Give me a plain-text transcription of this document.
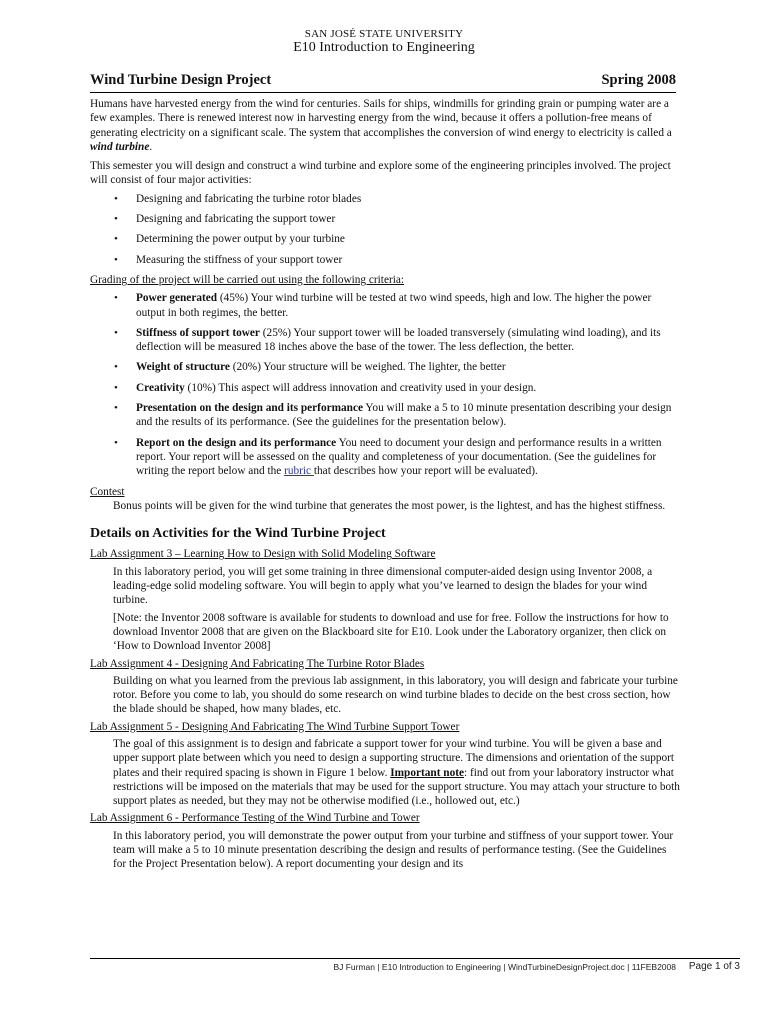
SAN JOSÉ STATE UNIVERSITY
E10 Introduction to Engineering
Wind Turbine Design Project	Spring 2008

Humans have harvested energy from the wind for centuries. Sails for ships, windmills for grinding grain or pumping water are a few examples. There is renewed interest now in harvesting energy from the wind, because it offers a pollution-free means of generating electricity on a significant scale. The system that accomplishes the conversion of wind energy to electricity is called a wind turbine.

This semester you will design and construct a wind turbine and explore some of the engineering principles involved. The project will consist of four major activities:

• Designing and fabricating the turbine rotor blades
• Designing and fabricating the support tower
• Determining the power output by your turbine
• Measuring the stiffness of your support tower

Grading of the project will be carried out using the following criteria:

• Power generated (45%) Your wind turbine will be tested at two wind speeds, high and low. The higher the power output in both regimes, the better.
• Stiffness of support tower (25%) Your support tower will be loaded transversely (simulating wind loading), and its deflection will be measured 18 inches above the base of the tower. The less deflection, the better.
• Weight of structure (20%) Your structure will be weighed. The lighter, the better
• Creativity (10%) This aspect will address innovation and creativity used in your design.
• Presentation on the design and its performance You will make a 5 to 10 minute presentation describing your design and the results of its performance. (See the guidelines for the presentation below).
• Report on the design and its performance You need to document your design and performance results in a written report. Your report will be assessed on the quality and completeness of your documentation. (See the guidelines for writing the report below and the rubric that describes how your report will be evaluated).

Contest

Bonus points will be given for the wind turbine that generates the most power, is the lightest, and has the highest stiffness.

Details on Activities for the Wind Turbine Project

Lab Assignment 3 – Learning How to Design with Solid Modeling Software

In this laboratory period, you will get some training in three dimensional computer-aided design using Inventor 2008, a leading-edge solid modeling software. You will begin to apply what you’ve learned to design the blades for your wind turbine.

[Note: the Inventor 2008 software is available for students to download and use for free. Follow the instructions for how to download Inventor 2008 that are given on the Blackboard site for E10. Look under the Laboratory organizer, then click on ‘How to Download Inventor 2008]

Lab Assignment 4 - Designing And Fabricating The Turbine Rotor Blades

Building on what you learned from the previous lab assignment, in this laboratory, you will design and fabricate your turbine rotor. Before you come to lab, you should do some research on wind turbine blades to decide on the best cross section, how the blade should be shaped, how many blades, etc.

Lab Assignment 5 - Designing And Fabricating The Wind Turbine Support Tower

The goal of this assignment is to design and fabricate a support tower for your wind turbine. You will be given a base and upper support plate between which you need to design a supporting structure. The dimensions and orientation of the support plates and their required spacing is shown in Figure 1 below. Important note: find out from your laboratory instructor what restrictions will be imposed on the materials that may be used for the support structure. You may attach your structure to both support plates as needed, but they may not be otherwise modified (i.e., hollowed out, etc.)

Lab Assignment 6 - Performance Testing of the Wind Turbine and Tower

In this laboratory period, you will demonstrate the power output from your turbine and stiffness of your support tower. Your team will make a 5 to 10 minute presentation describing the design and results of performance testing. (See the Guidelines for the Project Presentation below). A report documenting your design and its

BJ Furman | E10 Introduction to Engineering | WindTurbineDesignProject.doc | 11FEB2008 Page 1 of 3
